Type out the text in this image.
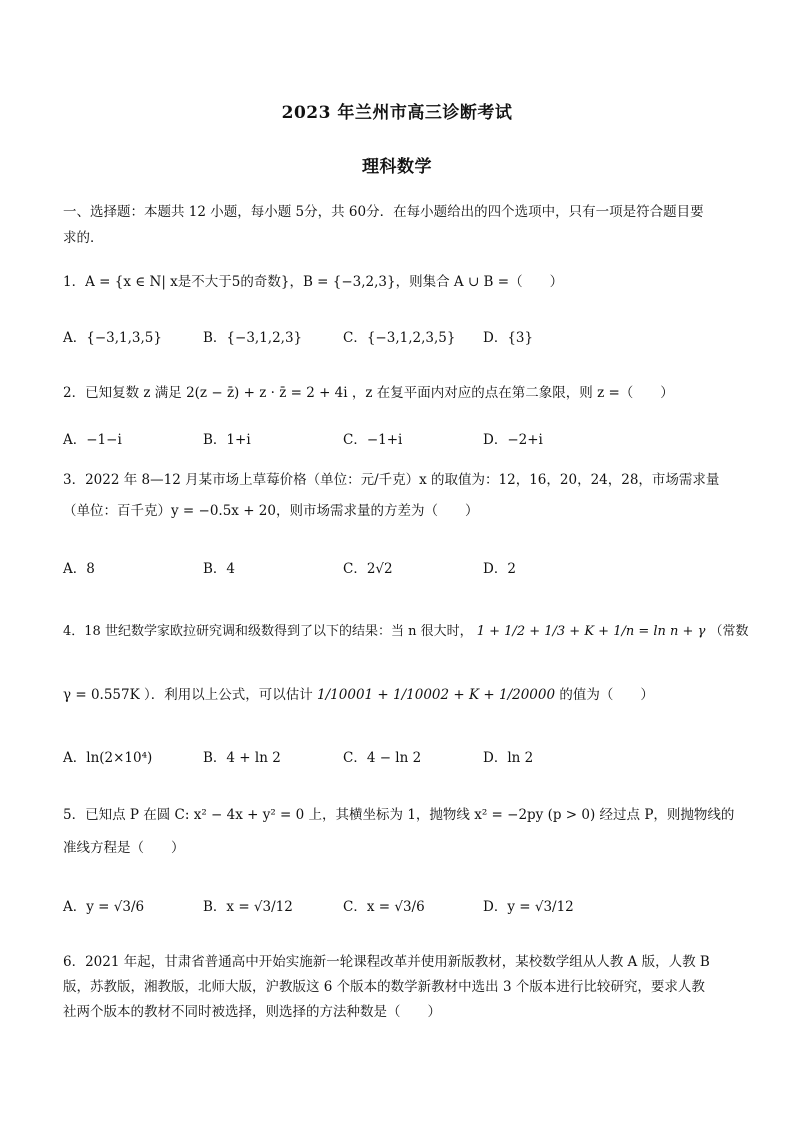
2023 年兰州市高三诊断考试
理科数学
一、选择题：本题共 12 小题，每小题 5分，共 60分．在每小题给出的四个选项中，只有一项是符合题目要
求的．
1．A = {x ∈ N| x是不大于5的奇数}，B = {−3,2,3}，则集合 A ∪ B =（　　）
A．{−3,1,3,5}	B．{−3,1,2,3}	C．{−3,1,2,3,5} D．{3}
2．已知复数 z 满足 2(z − z̄) + z · z̄ = 2 + 4i ，z 在复平面内对应的点在第二象限，则 z =（　　）
A．−1−i	B．1+i	C．−1+i	D．−2+i
3．2022 年 8—12 月某市场上草莓价格（单位：元/千克）x 的取值为：12，16，20，24，28，市场需求量
（单位：百千克）y = −0.5x + 20，则市场需求量的方差为（　　）
A．8	B．4	C．2√2	D．2
4．18 世纪数学家欧拉研究调和级数得到了以下的结果：当 n 很大时， 1 + 1/2 + 1/3 + K + 1/n = ln n + γ （常数
γ = 0.557K ）．利用以上公式，可以估计 1/10001 + 1/10002 + K + 1/20000 的值为（　　）
A．ln(2×10⁴)	B．4 + ln 2	C．4 − ln 2	D．ln 2
5．已知点 P 在圆 C: x² − 4x + y² = 0 上，其横坐标为 1，抛物线 x² = −2py (p > 0) 经过点 P，则抛物线的
准线方程是（　　）
A．y = √3/6	B．x = √3/12	C．x = √3/6	D．y = √3/12
6．2021 年起，甘肃省普通高中开始实施新一轮课程改革并使用新版教材，某校数学组从人教 A 版，人教 B
版，苏教版，湘教版，北师大版，沪教版这 6 个版本的数学新教材中选出 3 个版本进行比较研究，要求人教
社两个版本的教材不同时被选择，则选择的方法种数是（　　）
